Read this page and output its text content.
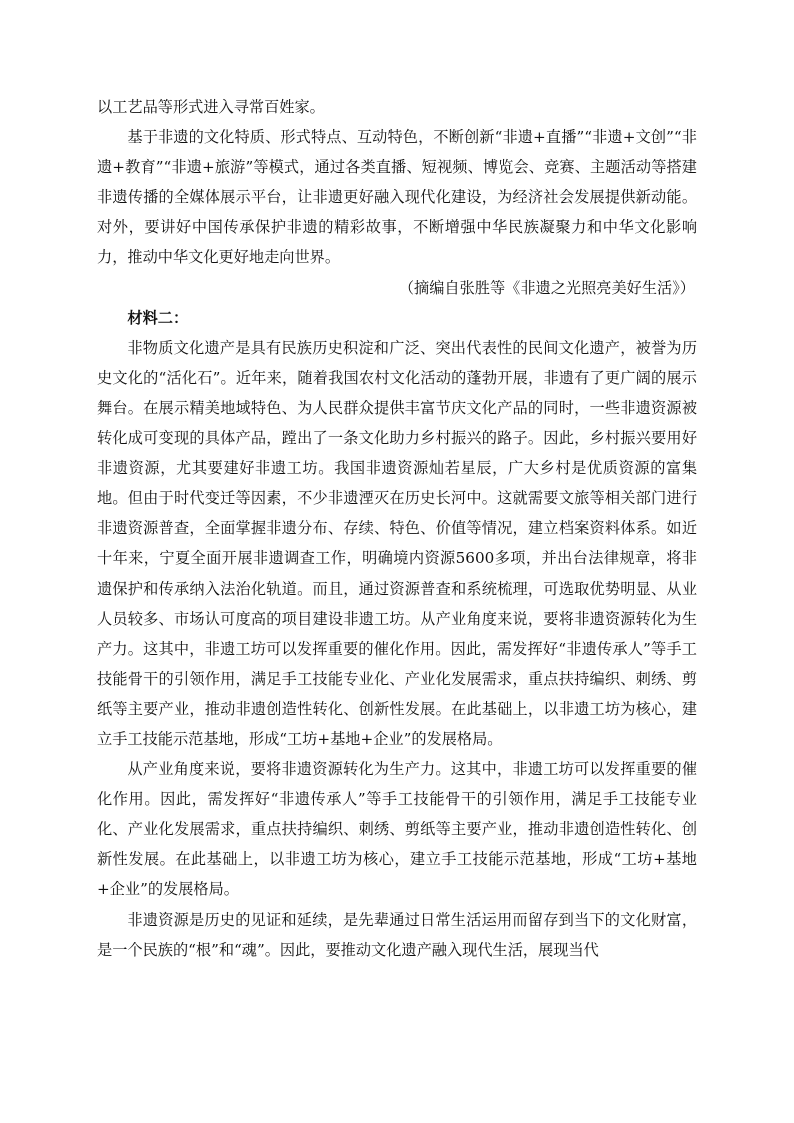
以工艺品等形式进入寻常百姓家。

基于非遗的文化特质、形式特点、互动特色，不断创新“非遗+直播”“非遗+文创”“非遗+教育”“非遗+旅游”等模式，通过各类直播、短视频、博览会、竞赛、主题活动等搭建非遗传播的全媒体展示平台，让非遗更好融入现代化建设，为经济社会发展提供新动能。对外，要讲好中国传承保护非遗的精彩故事，不断增强中华民族凝聚力和中华文化影响力，推动中华文化更好地走向世界。

（摘编自张胜等《非遗之光照亮美好生活》）

材料二：

非物质文化遗产是具有民族历史积淀和广泛、突出代表性的民间文化遗产，被誉为历史文化的“活化石”。近年来，随着我国农村文化活动的蓬勃开展，非遗有了更广阔的展示舞台。在展示精美地域特色、为人民群众提供丰富节庆文化产品的同时，一些非遗资源被转化成可变现的具体产品，蹚出了一条文化助力乡村振兴的路子。因此，乡村振兴要用好非遗资源，尤其要建好非遗工坊。我国非遗资源灿若星辰，广大乡村是优质资源的富集地。但由于时代变迁等因素，不少非遗湮灭在历史长河中。这就需要文旅等相关部门进行非遗资源普查，全面掌握非遗分布、存续、特色、价值等情况，建立档案资料体系。如近十年来，宁夏全面开展非遗调查工作，明确境内资源5600多项，并出台法律规章，将非遗保护和传承纳入法治化轨道。而且，通过资源普查和系统梳理，可选取优势明显、从业人员较多、市场认可度高的项目建设非遗工坊。从产业角度来说，要将非遗资源转化为生产力。这其中，非遗工坊可以发挥重要的催化作用。因此，需发挥好“非遗传承人”等手工技能骨干的引领作用，满足手工技能专业化、产业化发展需求，重点扶持编织、刺绣、剪纸等主要产业，推动非遗创造性转化、创新性发展。在此基础上，以非遗工坊为核心，建立手工技能示范基地，形成“工坊+基地+企业”的发展格局。

从产业角度来说，要将非遗资源转化为生产力。这其中，非遗工坊可以发挥重要的催化作用。因此，需发挥好“非遗传承人”等手工技能骨干的引领作用，满足手工技能专业化、产业化发展需求，重点扶持编织、刺绣、剪纸等主要产业，推动非遗创造性转化、创新性发展。在此基础上，以非遗工坊为核心，建立手工技能示范基地，形成“工坊+基地+企业”的发展格局。

非遗资源是历史的见证和延续，是先辈通过日常生活运用而留存到当下的文化财富，是一个民族的“根”和“魂”。因此，要推动文化遗产融入现代生活，展现当代
